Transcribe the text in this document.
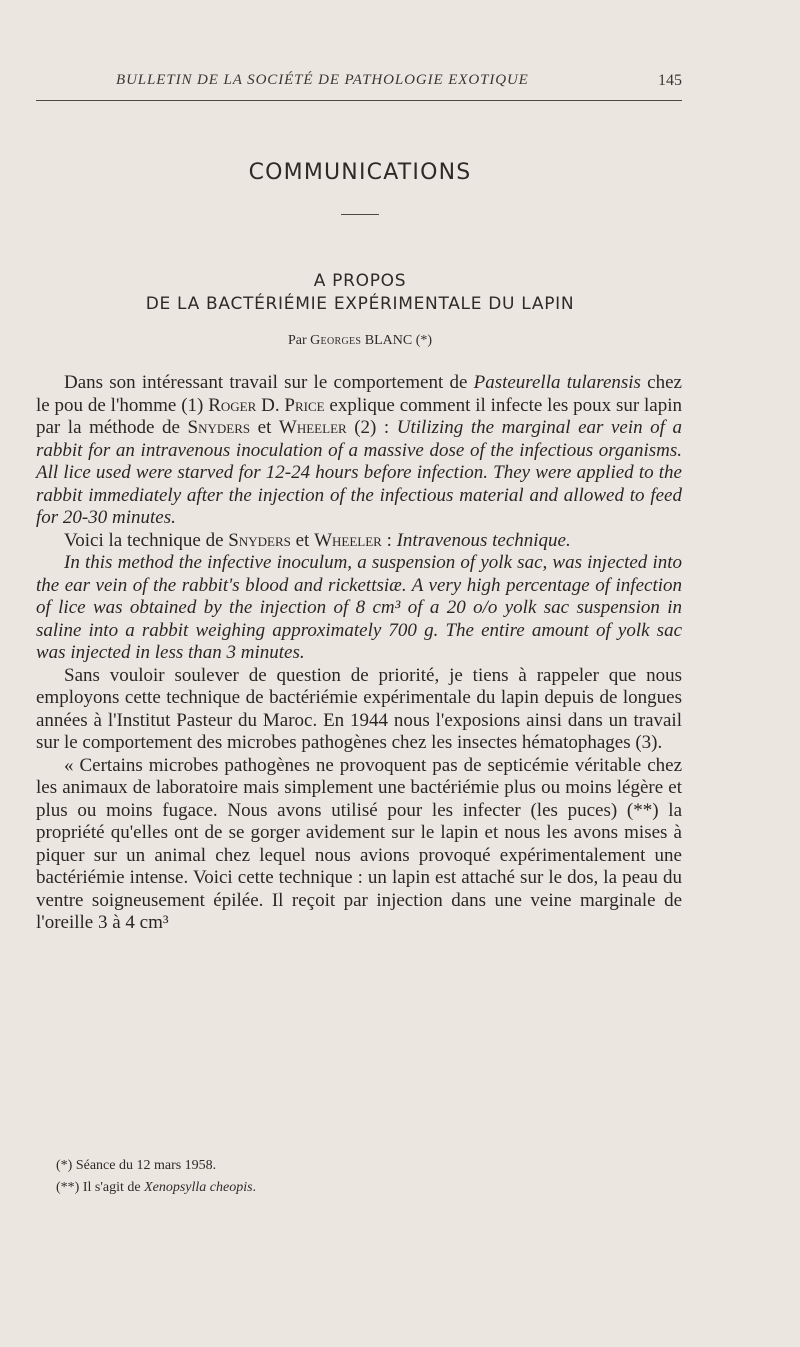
BULLETIN DE LA SOCIÉTÉ DE PATHOLOGIE EXOTIQUE	145
COMMUNICATIONS
A PROPOS
DE LA BACTÉRIÉMIE EXPÉRIMENTALE DU LAPIN
Par Georges BLANC (*)

Dans son intéressant travail sur le comportement de Pasteurella tularensis chez le pou de l'homme (1) Roger D. Price explique comment il infecte les poux sur lapin par la méthode de Snyders et Wheeler (2) : Utilizing the marginal ear vein of a rabbit for an intravenous inoculation of a massive dose of the infectious organisms. All lice used were starved for 12-24 hours before infection. They were applied to the rabbit immediately after the injection of the infectious material and allowed to feed for 20-30 minutes.

Voici la technique de Snyders et Wheeler : Intravenous technique.

In this method the infective inoculum, a suspension of yolk sac, was injected into the ear vein of the rabbit's blood and rickettsiæ. A very high percentage of infection of lice was obtained by the injection of 8 cm³ of a 20 o/o yolk sac suspension in saline into a rabbit weighing approximately 700 g. The entire amount of yolk sac was injected in less than 3 minutes.

Sans vouloir soulever de question de priorité, je tiens à rappeler que nous employons cette technique de bactériémie expérimentale du lapin depuis de longues années à l'Institut Pasteur du Maroc. En 1944 nous l'exposions ainsi dans un travail sur le comportement des microbes pathogènes chez les insectes hématophages (3).

« Certains microbes pathogènes ne provoquent pas de septicémie véritable chez les animaux de laboratoire mais simplement une bactériémie plus ou moins légère et plus ou moins fugace. Nous avons utilisé pour les infecter (les puces) (**) la propriété qu'elles ont de se gorger avidement sur le lapin et nous les avons mises à piquer sur un animal chez lequel nous avions provoqué expérimentalement une bactériémie intense. Voici cette technique : un lapin est attaché sur le dos, la peau du ventre soigneusement épilée. Il reçoit par injection dans une veine marginale de l'oreille 3 à 4 cm³

(*) Séance du 12 mars 1958.
(**) Il s'agit de Xenopsylla cheopis.
